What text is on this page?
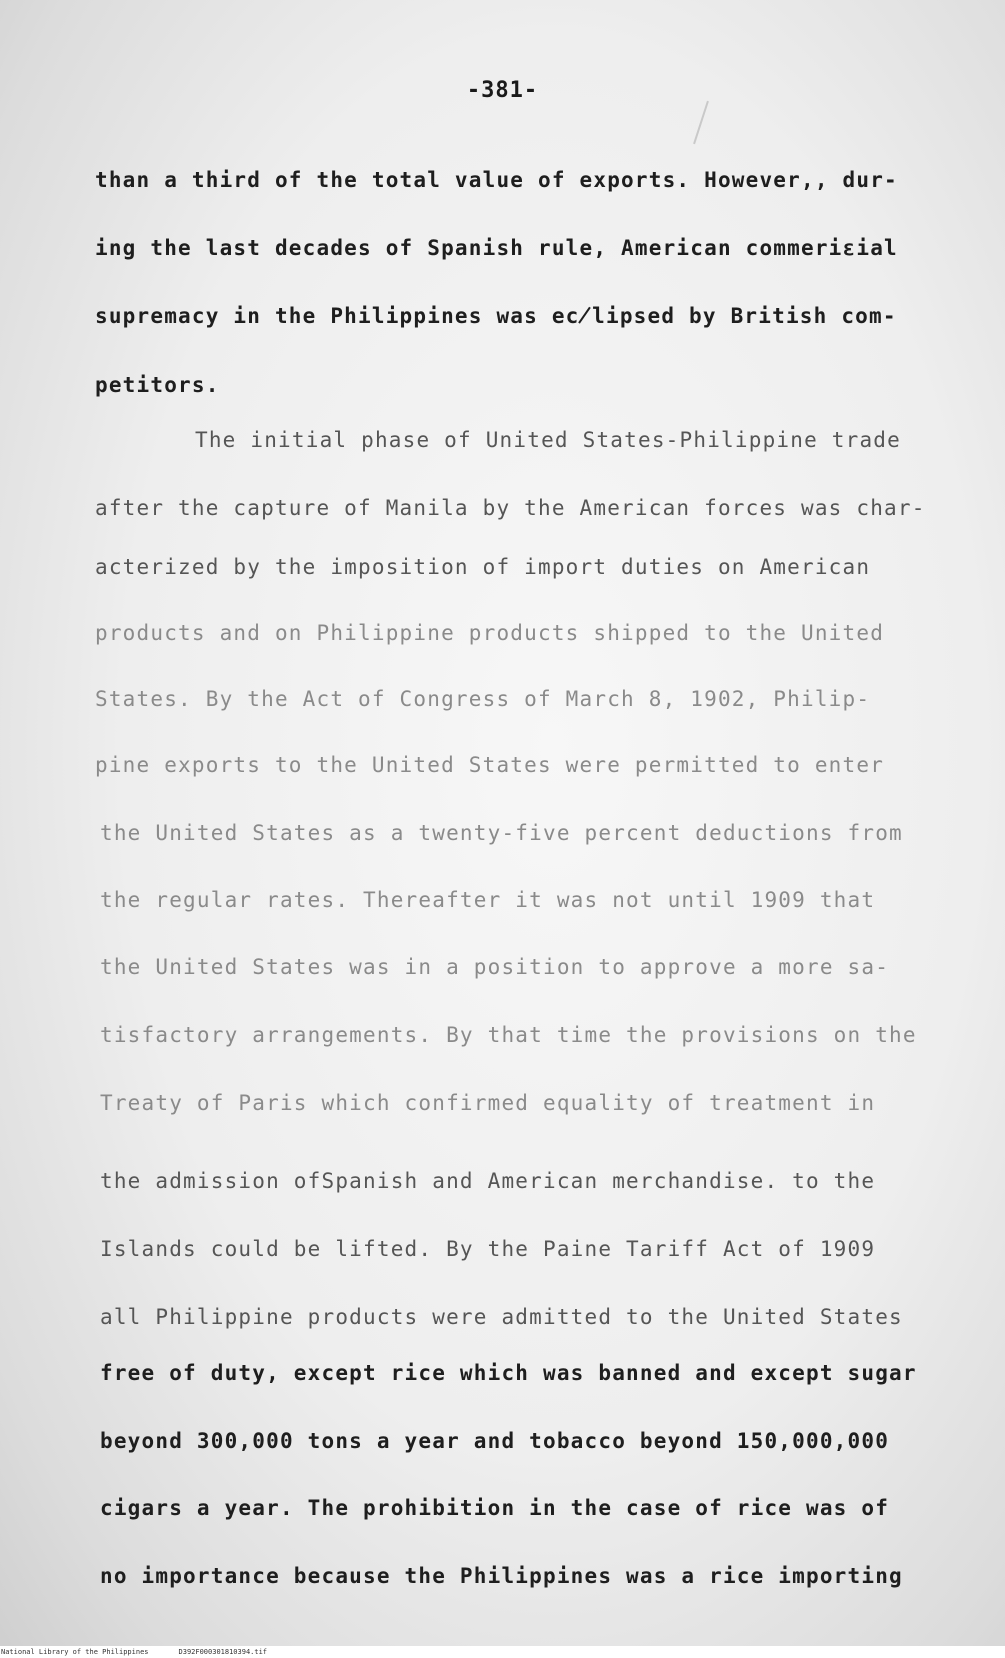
-381-
than a third of the total value of exports. However,, dur-
ing the last decades of Spanish rule, American commeriεial
supremacy in the Philippines was ec̸lipsed by British com-
petitors.
The initial phase of United States-Philippine trade
after the capture of Manila by the American forces was char-
acterized by the imposition of import duties on American
products and on Philippine products shipped to the United
States. By the Act of Congress of March 8, 1902, Philip-
pine exports to the United States were permitted to enter
the United States as a twenty-five percent deductions from
the regular rates. Thereafter it was not until 1909 that
the United States was in a position to approve a more sa-
tisfactory arrangements. By that time the provisions on the
Treaty of Paris which confirmed equality of treatment in
the admission ofSpanish and American merchandise. to the
Islands could be lifted. By the Paine Tariff Act of 1909
all Philippine products were admitted to the United States
free of duty, except rice which was banned and except sugar
beyond 300,000 tons a year and tobacco beyond 150,000,000
cigars a year. The prohibition in the case of rice was of
no importance because the Philippines was a rice importing
National Library of the Philippines	D392F000301810394.tif
